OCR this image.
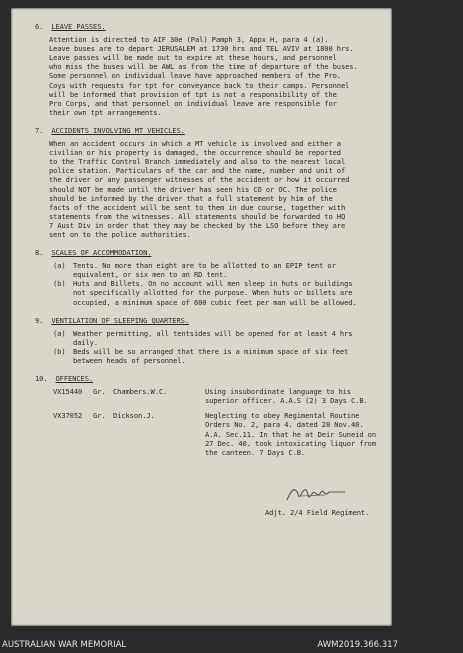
6. LEAVE PASSES.
Attention is directed to AIF 30e (Pal) Pamph 3, Appx H, para 4 (a).
Leave buses are to depart JERUSALEM at 1730 hrs and TEL AVIV at 1800 hrs.
Leave passes will be made out to expire at these hours, and personnel
who miss the buses will be AWL as from the time of departure of the buses.
Some personnel on individual leave have approached members of the Pro.
Coys with requests for tpt for conveyance back to their camps. Personnel
will be informed that provision of tpt is not a responsibility of the
Pro Corps, and that personnel on individual leave are responsible for
their own tpt arrangements.
7. ACCIDENTS INVOLVING MT VEHICLES.
When an accident occurs in which a MT vehicle is involved and either a
civilian or his property is damaged, the occurrence should be reported
to the Traffic Control Branch immediately and also to the nearest local
police station. Particulars of the car and the name, number and unit of
the driver or any passenger witnesses of the accident or how it occurred
should NOT be made until the driver has seen his CO or OC. The police
should be informed by the driver that a full statement by him of the
facts of the accident will be sent to them in due course, together with
statements from the witnesses. All statements should be forwarded to HQ
7 Aust Div in order that they may be checked by the LSO before they are
sent on to the police authorities.
8. SCALES OF ACCOMMODATION.
(a) Tents. No more than eight are to be allotted to an EPIP tent or
equivalent, or six men to an RD tent.
(b) Huts and Billets. On no account will men sleep in huts or buildings
not specifically allotted for the purpose. When huts or billets are
occupied, a minimum space of 600 cubic feet per man will be allowed.
9. VENTILATION OF SLEEPING QUARTERS.
(a) Weather permitting, all tentsides will be opened for at least 4 hrs
daily.
(b) Beds will be so arranged that there is a minimum space of six feet
between heads of personnel.
10. OFFENCES.
VX15440	Gr.	Chambers.W.C.	Using insubordinate language to his
superior officer. A.A.S (2) 3 Days C.B.
VX37052	Gr.	Dickson.J.	Neglecting to obey Regimental Routine
Orders No. 2, para 4. dated 28 Nov.40.
A.A. Sec.11. In that he at Deir Suneid on
27 Dec. 40. took intoxicating liquor from
the canteen. 7 Days C.B.
..........Capt.
Adjt. 2/4 Field Regiment.
AUSTRALIAN WAR MEMORIAL	AWM2019.366.317
